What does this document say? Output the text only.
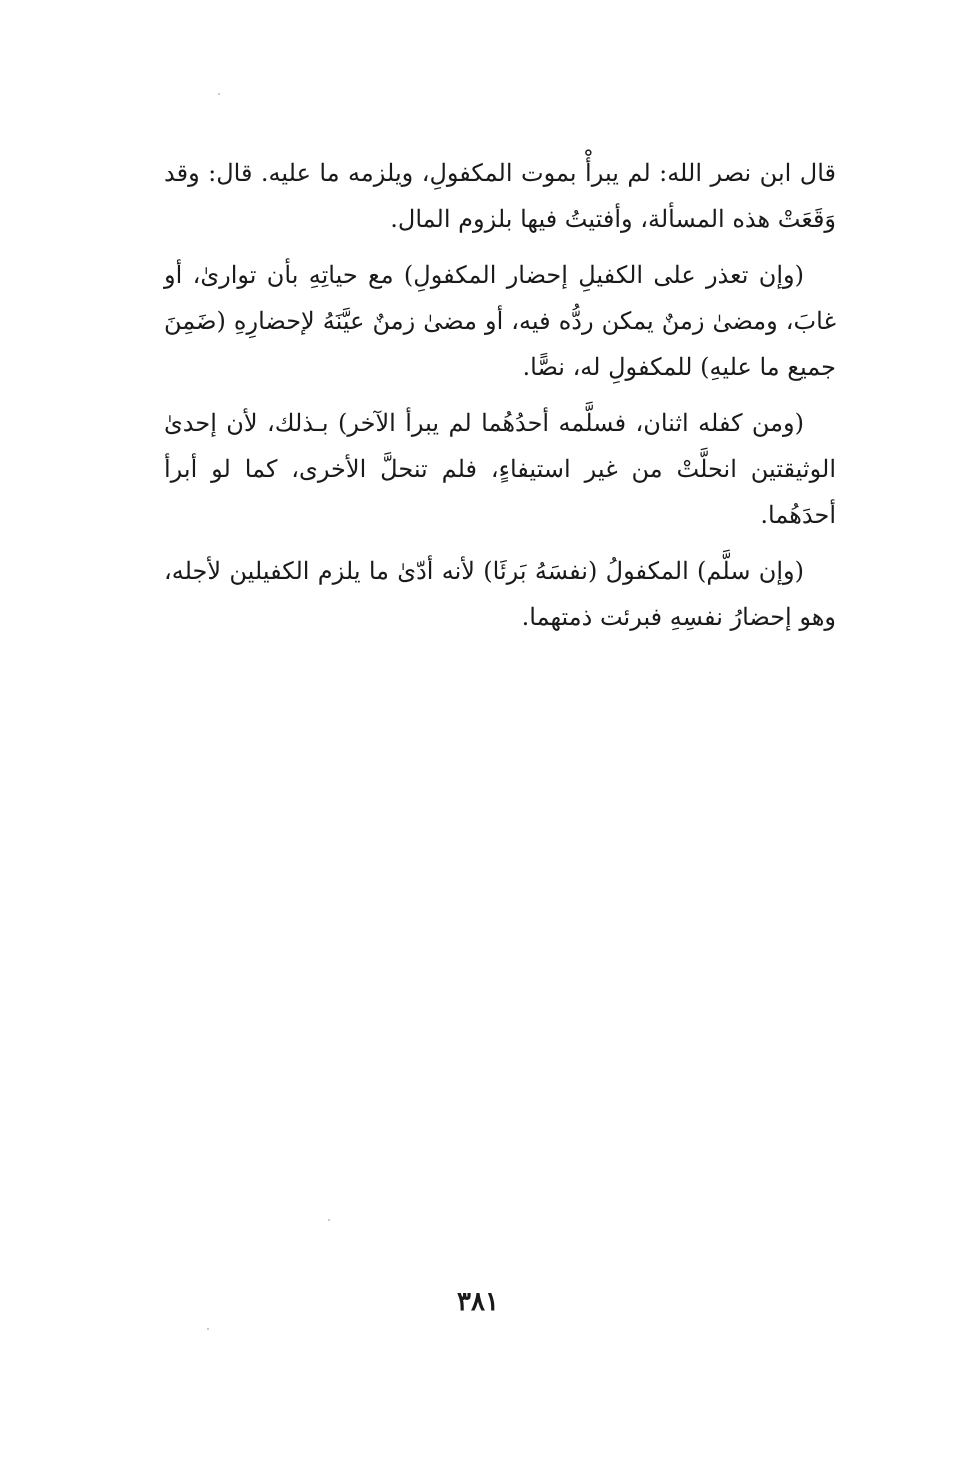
قال ابن نصر الله: لم يبرأْ بموت المكفولِ، ويلزمه ما عليه. قال: وقد وَقَعَتْ هذه المسألة، وأفتيتُ فيها بلزوم المال.

(وإن تعذر على الكفيلِ إحضار المكفولِ) مع حياتِهِ بأن توارىٰ، أو غابَ، ومضىٰ زمنٌ يمكن ردُّه فيه، أو مضىٰ زمنٌ عيَّنَهُ لإحضارِهِ (ضَمِنَ جميع ما عليهِ) للمكفولِ له، نصًّا.

(ومن كفله اثنان، فسلَّمه أحدُهُما لم يبرأ الآخر) بـذلك، لأن إحدىٰ الوثيقتين انحلَّتْ من غير استيفاءٍ، فلم تنحلَّ الأخرى، كما لو أبرأ أحدَهُما.

(وإن سلَّم) المكفولُ (نفسَهُ بَرئَا) لأنه أدّىٰ ما يلزم الكفيلين لأجله، وهو إحضارُ نفسِهِ فبرئت ذمتهما.

٣٨١
